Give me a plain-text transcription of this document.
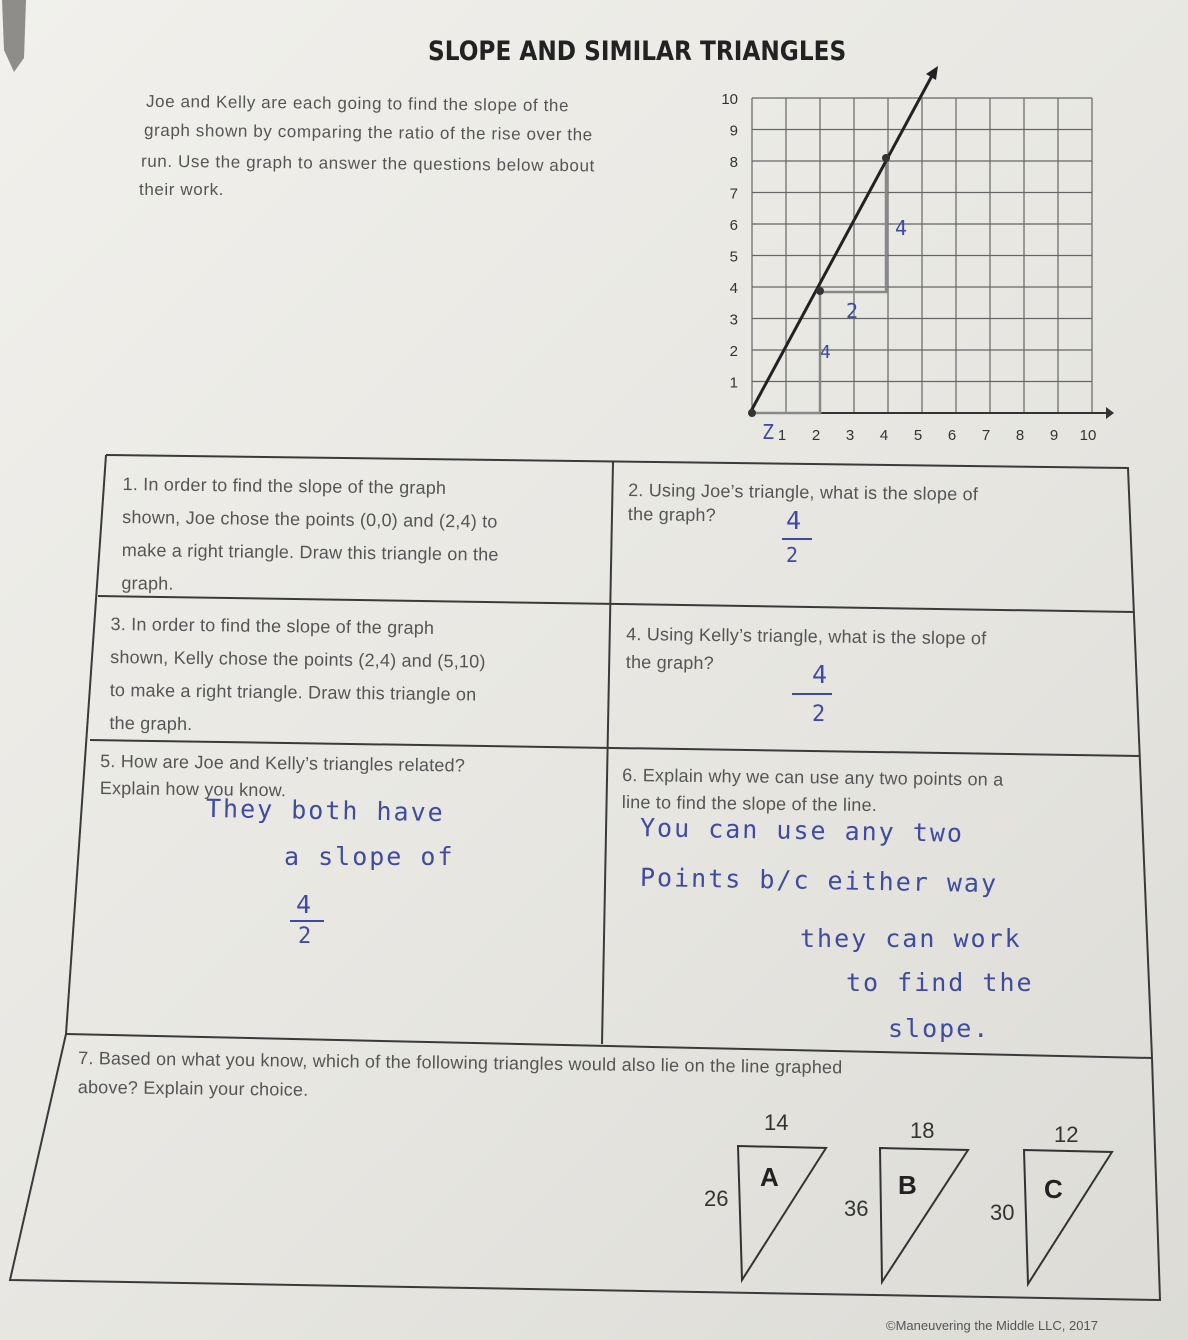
SLOPE AND SIMILAR TRIANGLES
Joe and Kelly are each going to find the slope of the
graph shown by comparing the ratio of the rise over the
run. Use the graph to answer the questions below about
their work.
1
2
3
4
5
6
7
8
9
10
1 2 3 4 5 6 7 8 9 10
Z
2
4
4
1. In order to find the slope of the graph
shown, Joe chose the points (0,0) and (2,4) to
make a right triangle. Draw this triangle on the
graph.
2. Using Joe’s triangle, what is the slope of
the graph?	4
2
3. In order to find the slope of the graph
shown, Kelly chose the points (2,4) and (5,10)
to make a right triangle. Draw this triangle on
the graph.
4. Using Kelly’s triangle, what is the slope of
the graph?	4
2
5. How are Joe and Kelly’s triangles related?
Explain how you know.
They both have
a slope of
4
2
6. Explain why we can use any two points on a
line to find the slope of the line.
You can use any two
Points b/c either way
they can work
to find the
slope.
7. Based on what you know, which of the following triangles would also lie on the line graphed
above? Explain your choice.
14
26
A
18
36
B
12
30
C
©Maneuvering the Middle LLC, 2017
